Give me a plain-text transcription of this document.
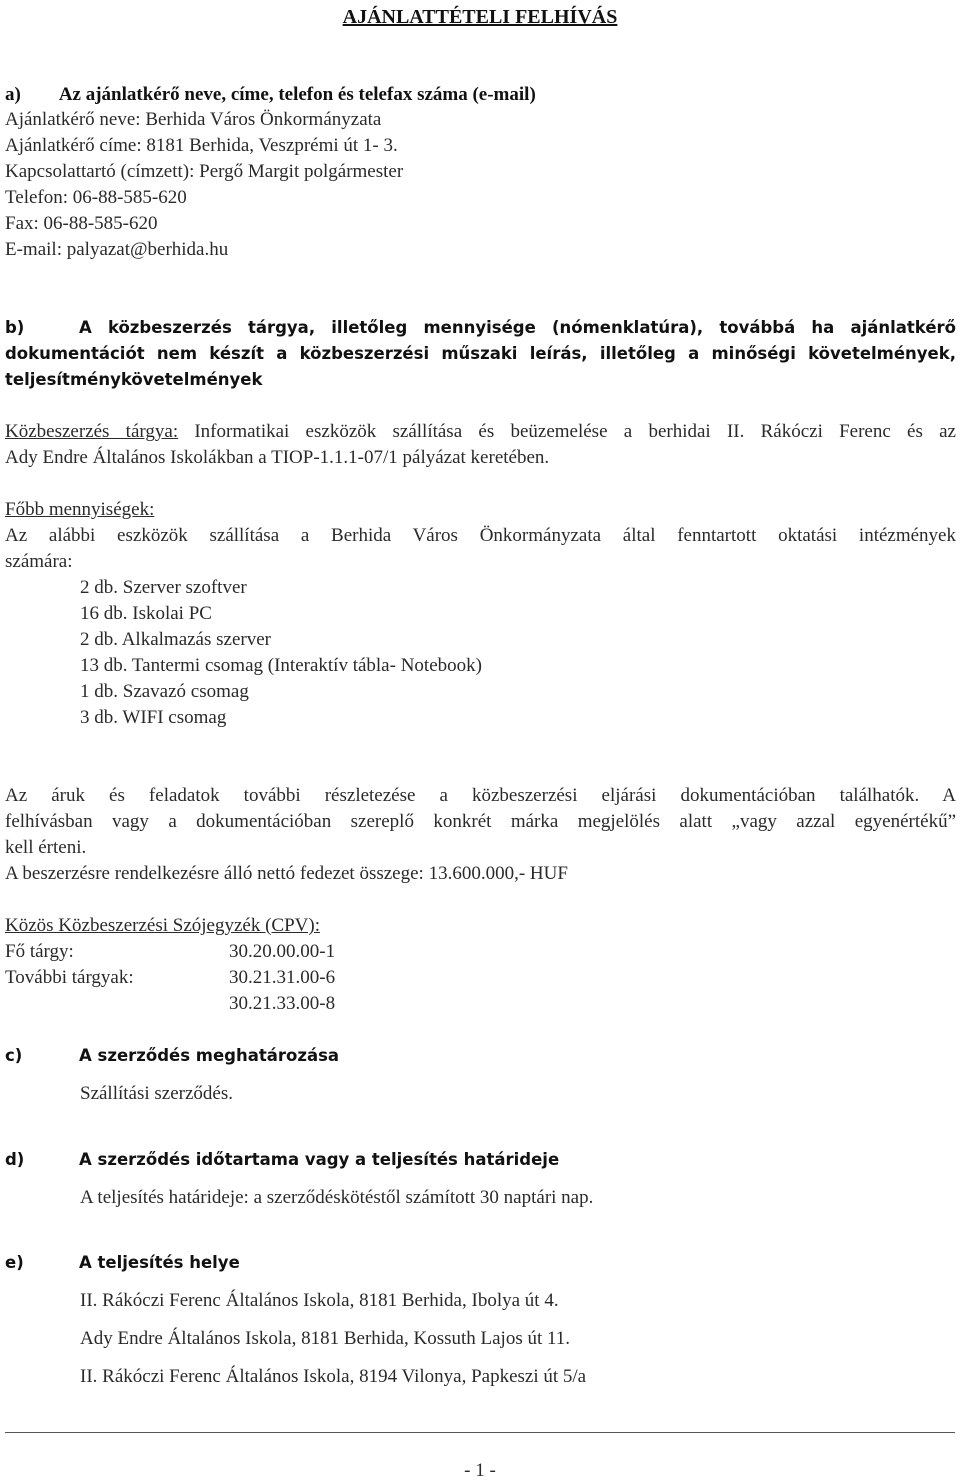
AJÁNLATTÉTELI FELHÍVÁS

a)        Az ajánlatkérő neve, címe, telefon és telefax száma (e-mail)

Ajánlatkérő neve: Berhida Város Önkormányzata

Ajánlatkérő címe: 8181 Berhida, Veszprémi út 1- 3.

Kapcsolattartó (címzett): Pergő Margit polgármester

Telefon: 06-88-585-620

Fax: 06-88-585-620

E-mail: palyazat@berhida.hu

b)	A közbeszerzés tárgya, illetőleg mennyisége (nómenklatúra), továbbá ha ajánlatkérő

dokumentációt nem készít a közbeszerzési műszaki leírás, illetőleg a minőségi követelmények,

teljesítménykövetelmények

Közbeszerzés tárgya: Informatikai eszközök szállítása és beüzemelése a berhidai II. Rákóczi Ferenc és az

Ady Endre Általános Iskolákban a TIOP-1.1.1-07/1 pályázat keretében.

Főbb mennyiségek:

Az alábbi eszközök szállítása a Berhida Város Önkormányzata által fenntartott oktatási intézmények

számára:

2 db. Szerver szoftver

16 db. Iskolai PC

2 db. Alkalmazás szerver

13 db. Tantermi csomag (Interaktív tábla- Notebook)

1 db. Szavazó csomag

3 db. WIFI csomag

Az áruk és feladatok további részletezése a közbeszerzési eljárási dokumentációban találhatók. A

felhívásban vagy a dokumentációban szereplő konkrét márka megjelölés alatt „vagy azzal egyenértékű”

kell érteni.

A beszerzésre rendelkezésre álló nettó fedezet összege: 13.600.000,- HUF

Közös Közbeszerzési Szójegyzék (CPV):

Fő tárgy:	30.20.00.00-1

További tárgyak:	30.21.31.00-6

30.21.33.00-8

c)	A szerződés meghatározása

Szállítási szerződés.

d)	A szerződés időtartama vagy a teljesítés határideje

A teljesítés határideje: a szerződéskötéstől számított 30 naptári nap.

e)	A teljesítés helye

II. Rákóczi Ferenc Általános Iskola, 8181 Berhida, Ibolya út 4.

Ady Endre Általános Iskola, 8181 Berhida, Kossuth Lajos út 11.

II. Rákóczi Ferenc Általános Iskola, 8194 Vilonya, Papkeszi út 5/a

- 1 -
